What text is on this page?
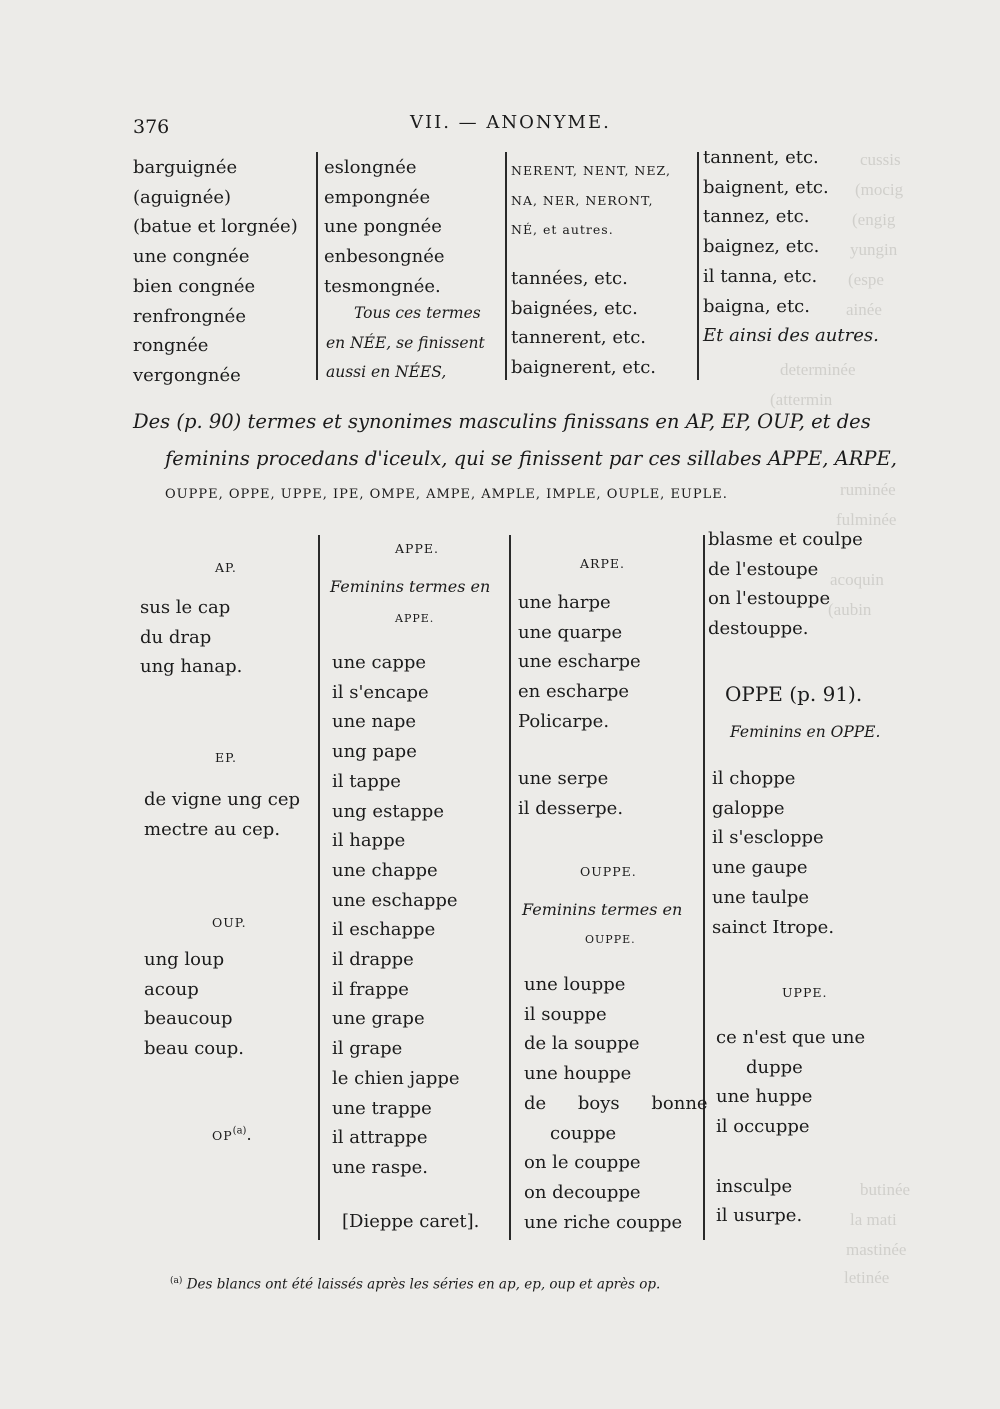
cussis
(mocig
(engig
yungin
(espe
ainée
determinée
(attermin
ruminée
fulminée
acoquin
(aubin
butinée
la mati
mastinée
letinée
376	VII. — ANONYME.
barguignée
(aguignée)
(batue et lorgnée)
une congnée
bien congnée
renfrongnée
rongnée
vergongnée
eslongnée
empongnée
une pongnée
enbesongnée
tesmongnée.
Tous ces termes
en NÉE, se finissent
aussi en NÉES,
NERENT, NENT, NEZ,
NA, NER, NERONT,
NÉ, et autres.
tannées, etc.
baignées, etc.
tannerent, etc.
baignerent, etc.
tannent, etc.
baignent, etc.
tannez, etc.
baignez, etc.
il tanna, etc.
baigna, etc.
Et ainsi des autres.
Des (p. 90) termes et synonimes masculins finissans en AP, EP, OUP, et des
feminins procedans d'iceulx, qui se finissent par ces sillabes APPE, ARPE,
OUPPE, OPPE, UPPE, IPE, OMPE, AMPE, AMPLE, IMPLE, OUPLE, EUPLE.
AP.
sus le cap
du drap
ung hanap.
EP.
de vigne ung cep
mectre au cep.
OUP.
ung loup
acoup
beaucoup
beau coup.
OP$^{(a)}$.
APPE.
Feminins termes en
APPE.
une cappe
il s'encape
une nape
ung pape
il tappe
ung estappe
il happe
une chappe
une eschappe
il eschappe
il drappe
il frappe
une grape
il grape
le chien jappe
une trappe
il attrappe
une raspe.
[Dieppe caret].
ARPE.
une harpe
une quarpe
une escharpe
en escharpe
Policarpe.
une serpe
il desserpe.
OUPPE.
Feminins termes en
OUPPE.
une louppe
il souppe
de la souppe
une houppe
de boys bonne
couppe
on le couppe
on decouppe
une riche couppe
blasme et coulpe
de l'estoupe
on l'estouppe
destouppe.
OPPE (p. 91).
Feminins en OPPE.
il choppe
galoppe
il s'escloppe
une gaupe
une taulpe
sainct Itrope.
UPPE.
ce n'est que une
duppe
une huppe
il occuppe

insculpe
il usurpe.
$^{(a)}$ Des blancs ont été laissés après les séries en ap, ep, oup et après op.
